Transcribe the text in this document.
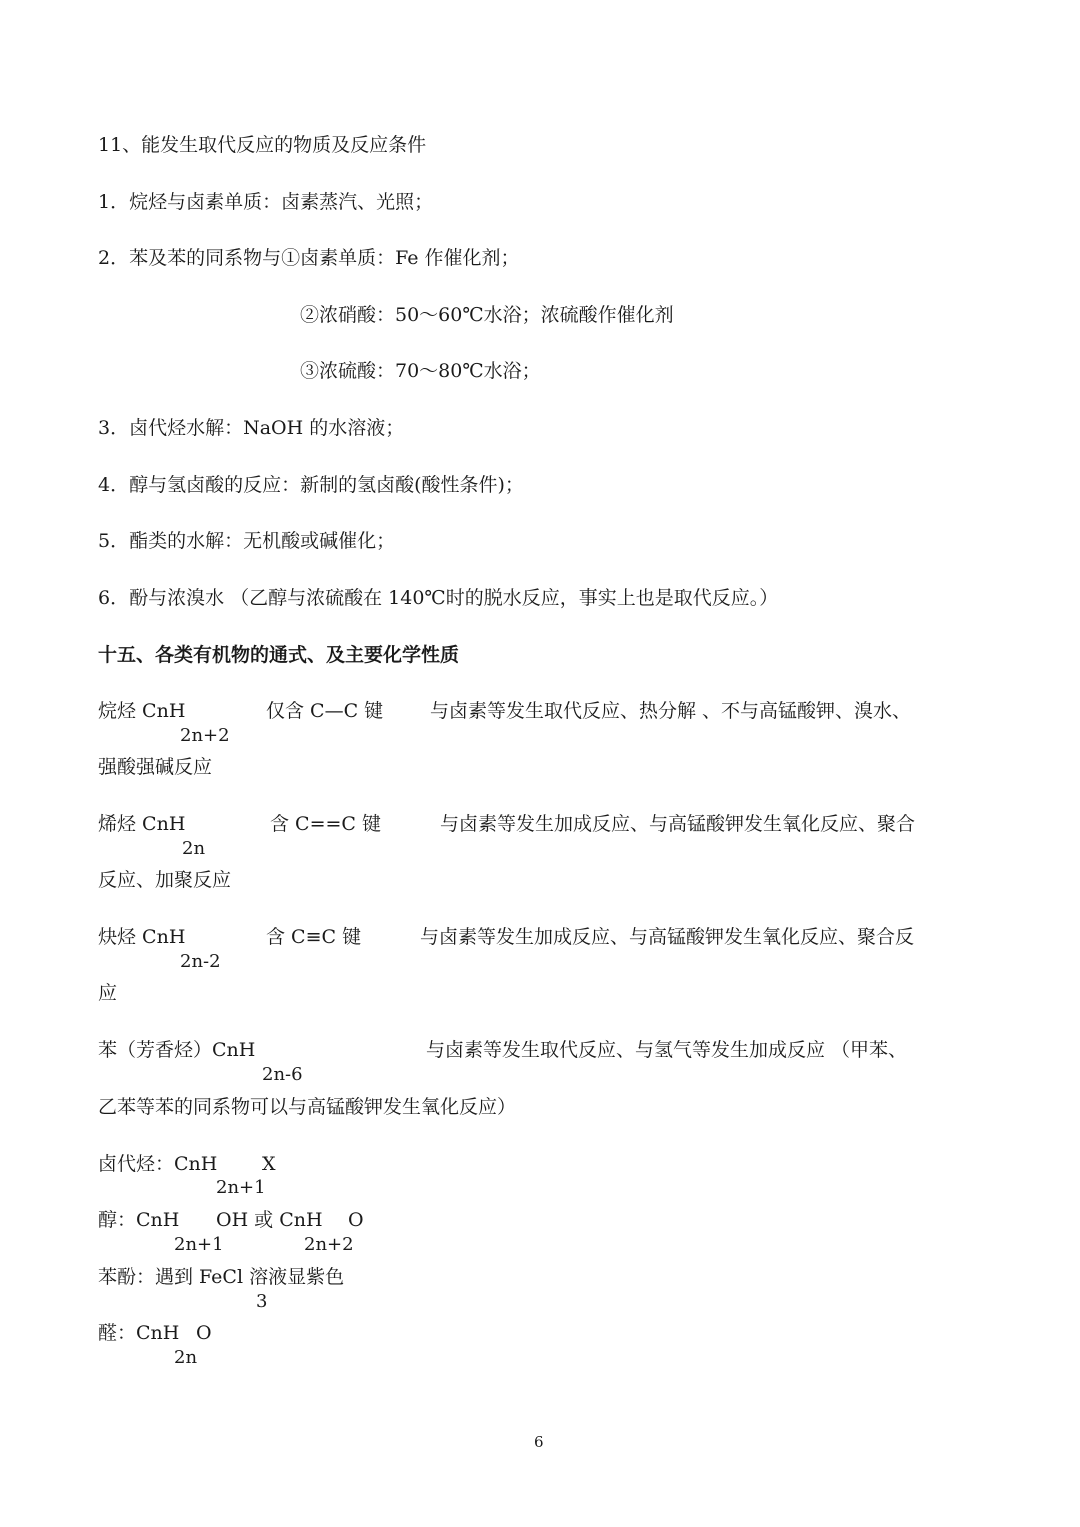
11、能发生取代反应的物质及反应条件
1．烷烃与卤素单质：卤素蒸汽、光照；
2．苯及苯的同系物与①卤素单质：Fe 作催化剂；
②浓硝酸：50～60℃水浴；浓硫酸作催化剂
③浓硫酸：70～80℃水浴；
3．卤代烃水解：NaOH 的水溶液；
4．醇与氢卤酸的反应：新制的氢卤酸(酸性条件)；
5．酯类的水解：无机酸或碱催化；
6．酚与浓溴水 （乙醇与浓硫酸在 140℃时的脱水反应，事实上也是取代反应。）
十五、各类有机物的通式、及主要化学性质
烷烃 CnH	仅含 C—C 键 与卤素等发生取代反应、热分解 、不与高锰酸钾、溴水、
2n+2
强酸强碱反应
烯烃 CnH	含 C==C 键	与卤素等发生加成反应、与高锰酸钾发生氧化反应、聚合
2n
反应、加聚反应
炔烃 CnH	含 C≡C 键	与卤素等发生加成反应、与高锰酸钾发生氧化反应、聚合反
2n-2
应
苯（芳香烃）CnH	与卤素等发生取代反应、与氢气等发生加成反应 （甲苯、
2n-6
乙苯等苯的同系物可以与高锰酸钾发生氧化反应）
卤代烃：CnH X
2n+1
醇：CnH OH 或 CnH O
2n+1	2n+2
苯酚：遇到 FeCl 溶液显紫色
3
醛：CnH O
2n
6
